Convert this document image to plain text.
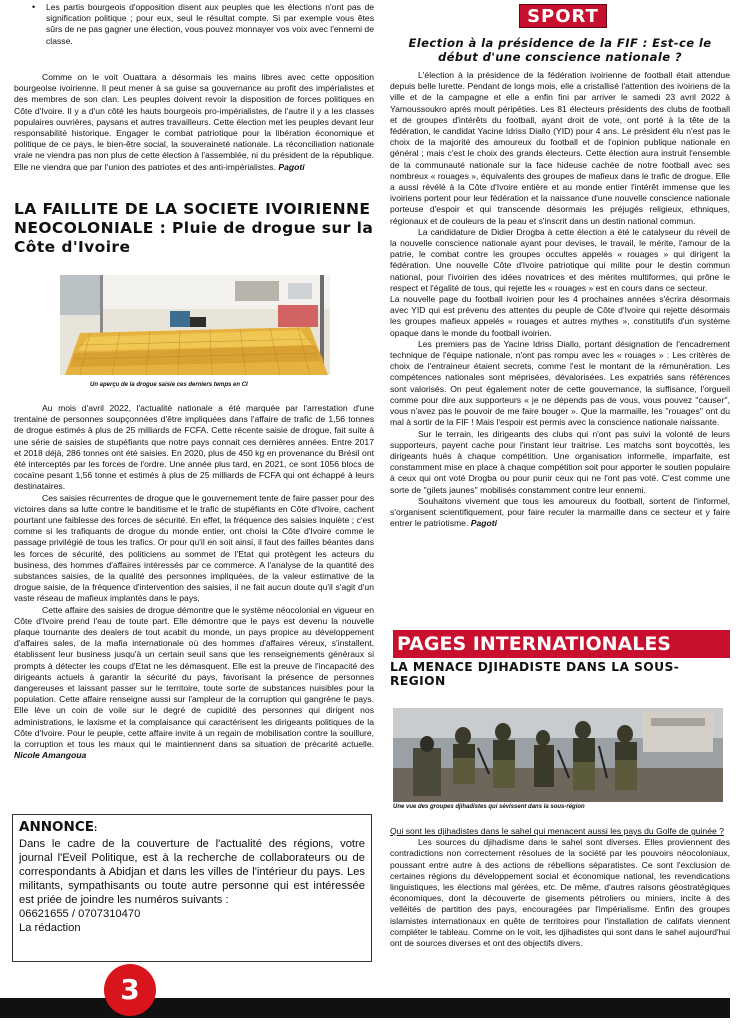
• Les partis bourgeois d'opposition disent aux peuples que les élections n'ont pas de signification politique ; pour eux, seul le résultat compte. Si par exemple vous êtes sûrs de ne pas gagner une élection, vous pouvez monnayer vos voix avec l'ennemi de classe.

Comme on le voit Ouattara a désormais les mains libres avec cette opposition bourgeoise ivoirienne. Il peut mener à sa guise sa gouvernance au profit des impérialistes et des membres de son clan. Les peuples doivent revoir la disposition de forces politiques en Côte d'Ivoire. Il y a d'un côté les hauts bourgeois pro-impérialistes, de l'autre il y a les classes populaires ouvrières, paysans et autres travailleurs. Cette élection met les peuples devant leur responsabilité historique. Engager le combat patriotique pour la libération économique et politique de ce pays, le bien-être social, la souveraineté nationale. La réconciliation nationale vraie ne viendra pas non plus de cette élection à l'assemblée, ni du président de la république. Elle ne viendra que par l'union des patriotes et des anti-impérialistes. Pagoti

LA FAILLITE DE LA SOCIETE IVOIRIENNE
NEOCOLONIALE : Pluie de drogue sur la Côte d'Ivoire
Un aperçu de la drogue saisie ces derniers temps en CI

Au mois d'avril 2022, l'actualité nationale a été marquée par l'arrestation d'une trentaine de personnes soupçonnées d'être impliquées dans l'affaire de trafic de 1,56 tonnes de drogue estimés à plus de 25 milliards de FCFA. Cette récente saisie de drogue, fait suite à une série de saisies de stupéfiants que notre pays connait ces dernières années. Entre 2017 et 2018 déjà, 286 tonnes ont été saisies. En 2020, plus de 450 kg en provenance du Brésil ont été interceptés par les forces de l'ordre. Une année plus tard, en 2021, ce sont 1056 blocs de cocaïne pesant 1,56 tonne et estimés à plus de 25 milliards de FCFA qui ont échappé à leurs destinataires.

Ces saisies récurrentes de drogue que le gouvernement tente de faire passer pour des victoires dans sa lutte contre le banditisme et le trafic de stupéfiants en Côte d'Ivoire, cachent pourtant une faiblesse des forces de sécurité. En effet, la fréquence des saisies inquiète ; c'est comme si les trafiquants de drogue du monde entier, ont choisi la Côte d'Ivoire comme le passage privilégié de tous les trafics. Or pour qu'il en soit ainsi, il faut des failles béantes dans les forces de sécurité, des politiciens au sommet de l'Etat qui protègent les acteurs du business, des hommes d'affaires intéressés par ce commerce. A l'analyse de la quantité des substances saisies, de la qualité des personnes impliquées, de la valeur estimative de la drogue saisie, de la fréquence d'intervention des saisies, il ne fait aucun doute qu'il s'agit d'un vaste réseau de mafieux implantés dans le pays.

Cette affaire des saisies de drogue démontre que le système néocolonial en vigueur en Côte d'Ivoire prend l'eau de toute part. Elle démontre que le pays est devenu la nouvelle plaque tournante des dealers de tout acabit du monde, un pays propice au développement d'affaires sales, de la mafia internationale où des hommes d'affaires véreux, s'installent, établissent leur business jusqu'à un certain seuil sans que les renseignements généraux si prompts à détecter les coups d'Etat ne les démasquent. Elle est la preuve de l'incapacité des dirigeants actuels à garantir la sécurité du pays, favorisant la présence de personnes dangereuses et laissant passer sur le territoire, toute sorte de substances nuisibles pour la population. Cette affaire renseigne aussi sur l'ampleur de la corruption qui gangrène le pays. Elle lève un coin de voile sur le degré de cupidité des personnes qui dirigent nos administrations, le laxisme et la complaisance qui caractérisent les dirigeants politiques de la Côte d'Ivoire. Pour le peuple, cette affaire invite à un regain de mobilisation contre la souillure, la corruption et tous les maux qui le maintiennent dans sa situation de précarité actuelle. Nicole Amangoua

ANNONCE:
Dans le cadre de la couverture de l'actualité des régions, votre journal l'Eveil Politique, est à la recherche de collaborateurs ou de correspondants à Abidjan et dans les villes de l'intérieur du pays. Les militants, sympathisants ou toute autre personne qui est intéressée est priée de joindre les numéros suivants :
06621655 / 0707310470
La rédaction
SPORT
Election à la présidence de la FIF : Est-ce le début d'une conscience nationale ?

L'élection à la présidence de la fédération ivoirienne de football était attendue depuis belle lurette. Pendant de longs mois, elle a cristallisé l'attention des ivoiriens de la ville et de la campagne et elle a enfin fini par arriver le samedi 23 avril 2022 à Yamoussoukro après moult péripéties. Les 81 électeurs présidents des clubs de football et de groupes d'intérêts du football, ayant droit de vote, ont porté à la tête de la fédération, le candidat Yacine Idriss Diallo (YID) pour 4 ans. Le président élu n'est pas le choix de la majorité des amoureux du football et de l'opinion publique nationale en général ; mais c'est le choix des grands électeurs. Cette élection aura instruit l'ensemble de la communauté nationale sur la face hideuse cachée de notre football avec ses nombreux « rouages », équivalents des groupes de mafieux dans le trafic de drogue. Elle a aussi révélé à la Côte d'Ivoire entière et au monde entier l'intérêt immense que les ivoiriens portent pour leur fédération et la naissance d'une nouvelle conscience nationale porteuse d'espoir et qui transcende désormais les préjugés religieux, ethniques, régionaux et de couleurs de la peau et s'inscrit dans un destin national commun.

La candidature de Didier Drogba à cette élection a été le catalyseur du réveil de la nouvelle conscience nationale ayant pour devises, le travail, le mérite, l'amour de la patrie, le combat contre les groupes occultes appelés « rouages » qui dirigent la fédération. Une nouvelle Côte d'Ivoire patriotique qui milite pour le destin commun national, pour l'ivoirien des idées novatrices et des mérites multiformes, qui prône le respect et l'égalité de tous, qui rejette les « rouages » est en cours dans ce secteur.

La nouvelle page du football ivoirien pour les 4 prochaines années s'écrira désormais avec YID qui est prévenu des attentes du peuple de Côte d'Ivoire qui rejette désormais les groupes mafieux appelés « rouages et autres mythes », constitutifs d'un système opaque dans le monde du football ivoirien.

Les premiers pas de Yacine Idriss Diallo, portant désignation de l'encadrement technique de l'équipe nationale, n'ont pas rompu avec les « rouages » : Les critères de choix de l'entraineur étaient secrets, comme l'est le montant de la rémunération. Les compétences nationales sont méprisées, dévalorisées. Les expatriés sans références sont valorisés. On peut également noter de cette gouvernance, la suffisance, l'orgueil comme pour dire aux supporteurs « je ne dépends pas de vous, vous pouvez ''causer'', vous n'avez pas le pouvoir de me faire bouger ». Que la marmaille, les ''rouages'' ont du mal à sortir de la FIF ! Mais l'espoir est permis avec la conscience nationale naissante.

Sur le terrain, les dirigeants des clubs qui n'ont pas suivi la volonté de leurs supporteurs, payent cache pour l'instant leur traitrise. Les matchs sont boycottés, les dirigeants hués à chaque compétition. Une organisation informelle, imparfaite, est constamment mise en place à chaque compétition soit pour apporter le soutien populaire à ceux qui ont voté Drogba ou pour punir ceux qui ne l'ont pas voté. C'est comme une sorte de ''gilets jaunes'' mobilisés constamment contre leur ennemi.

Souhaitons vivement que tous les amoureux du football, sortent de l'informel, s'organisent scientifiquement, pour faire reculer la marmaille dans ce secteur et y faire entrer le patriotisme. Pagoti

PAGES INTERNATIONALES
LA MENACE DJIHADISTE DANS LA SOUS-
REGION
Une vue des groupes djihadistes qui sévissent dans la sous-région

Qui sont les djihadistes dans le sahel qui menacent aussi les pays du Golfe de guinée ?

Les sources du djihadisme dans le sahel sont diverses. Elles proviennent des contradictions non correctement résolues de la société par les pouvoirs néocoloniaux, poussant entre autre à des actions de rébellions séparatistes. Ce sont l'exclusion de certaines régions du développement social et économique national, les revendications linguistiques, les élections mal gérées, etc. De même, d'autres raisons géostratégiques économiques, dont la découverte de gisements pétroliers ou miniers, incite à des velléités de partition des pays, encouragées par l'impérialisme. Enfin des groupes islamistes internationaux en quête de territoires pour l'installation de califats viennent compléter le tableau. Comme on le voit, les djihadistes qui sont dans le sahel aujourd'hui ont de sources diverses et ont des objectifs divers.

3
